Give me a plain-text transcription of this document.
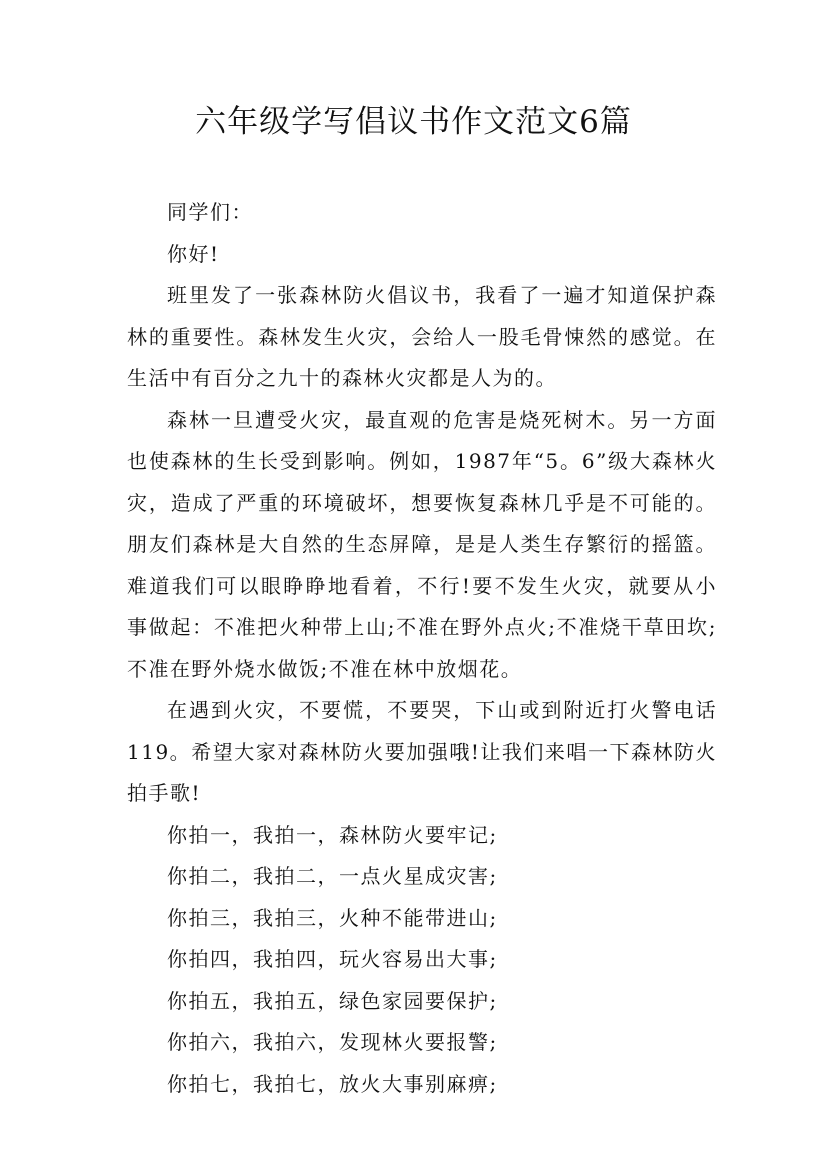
六年级学写倡议书作文范文6篇

同学们：

你好!

班里发了一张森林防火倡议书，我看了一遍才知道保护森林的重要性。森林发生火灾，会给人一股毛骨悚然的感觉。在生活中有百分之九十的森林火灾都是人为的。

森林一旦遭受火灾，最直观的危害是烧死树木。另一方面也使森林的生长受到影响。例如，1987年“5。6”级大森林火灾，造成了严重的环境破坏，想要恢复森林几乎是不可能的。朋友们森林是大自然的生态屏障，是是人类生存繁衍的摇篮。难道我们可以眼睁睁地看着，不行!要不发生火灾，就要从小事做起：不准把火种带上山;不准在野外点火;不准烧干草田坎;不准在野外烧水做饭;不准在林中放烟花。

在遇到火灾，不要慌，不要哭，下山或到附近打火警电话119。希望大家对森林防火要加强哦!让我们来唱一下森林防火拍手歌!

你拍一，我拍一，森林防火要牢记;

你拍二，我拍二，一点火星成灾害;

你拍三，我拍三，火种不能带进山;

你拍四，我拍四，玩火容易出大事;

你拍五，我拍五，绿色家园要保护;

你拍六，我拍六，发现林火要报警;

你拍七，我拍七，放火大事别麻痹;
